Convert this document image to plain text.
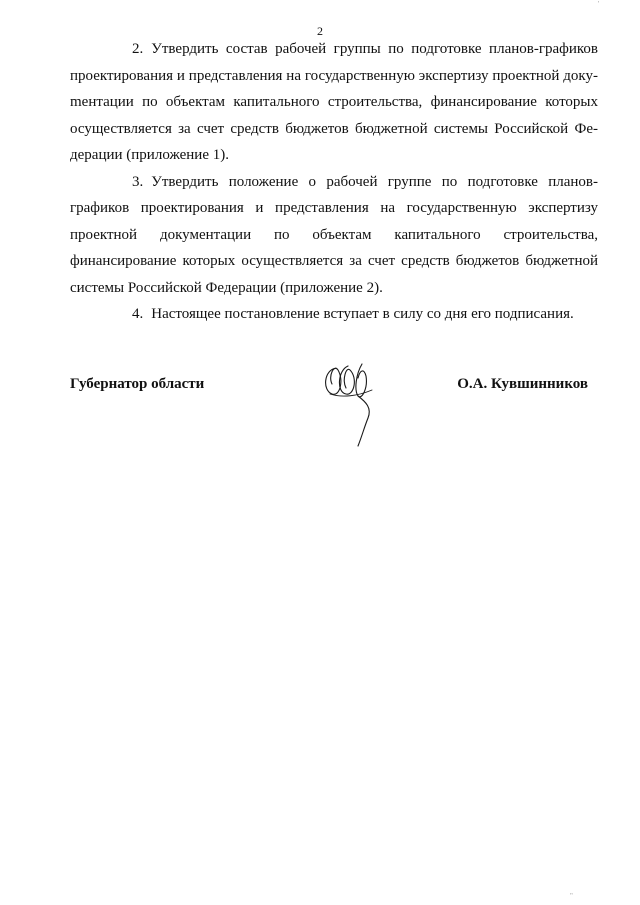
'
2

2. Утвердить состав рабочей группы по подготовке планов-графиков проектирования и представления на государственную экспертизу проектной докуmентации по объектам капитального строительства, финансирование которых осуществляется за счет средств бюджетов бюджетной системы Российской Федерации (приложение 1).

3. Утвердить положение о рабочей группе по подготовке планов-графиков проектирования и представления на государственную экспертизу проектной документации по объектам капитального строительства, финансирование которых осуществляется за счет средств бюджетов бюджетной системы Российской Федерации (приложение 2).

4. Настоящее постановление вступает в силу со дня его подписания.

Губернатор области	О.А. Кувшинников
"
